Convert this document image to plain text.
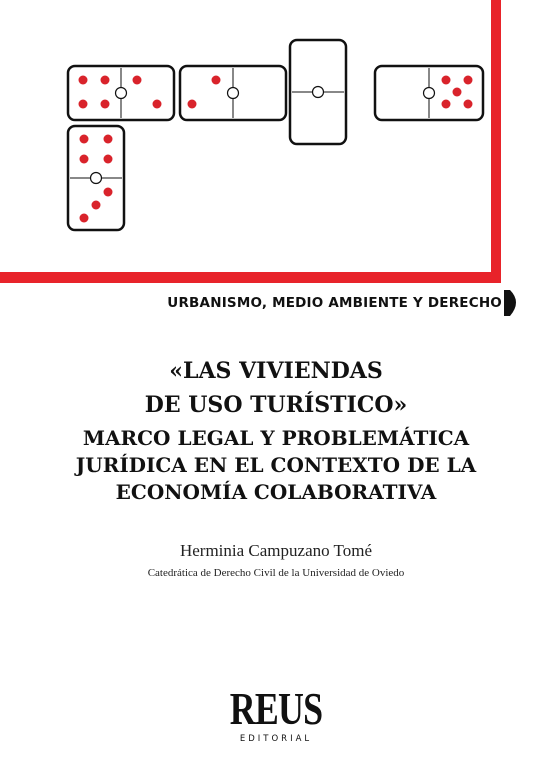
URBANISMO, MEDIO AMBIENTE Y DERECHO
«LAS VIVIENDAS
DE USO TURÍSTICO»
MARCO LEGAL Y PROBLEMÁTICA
JURÍDICA EN EL CONTEXTO DE LA
ECONOMÍA COLABORATIVA
Herminia Campuzano Tomé
Catedrática de Derecho Civil de la Universidad de Oviedo
REUS
EDITORIAL
